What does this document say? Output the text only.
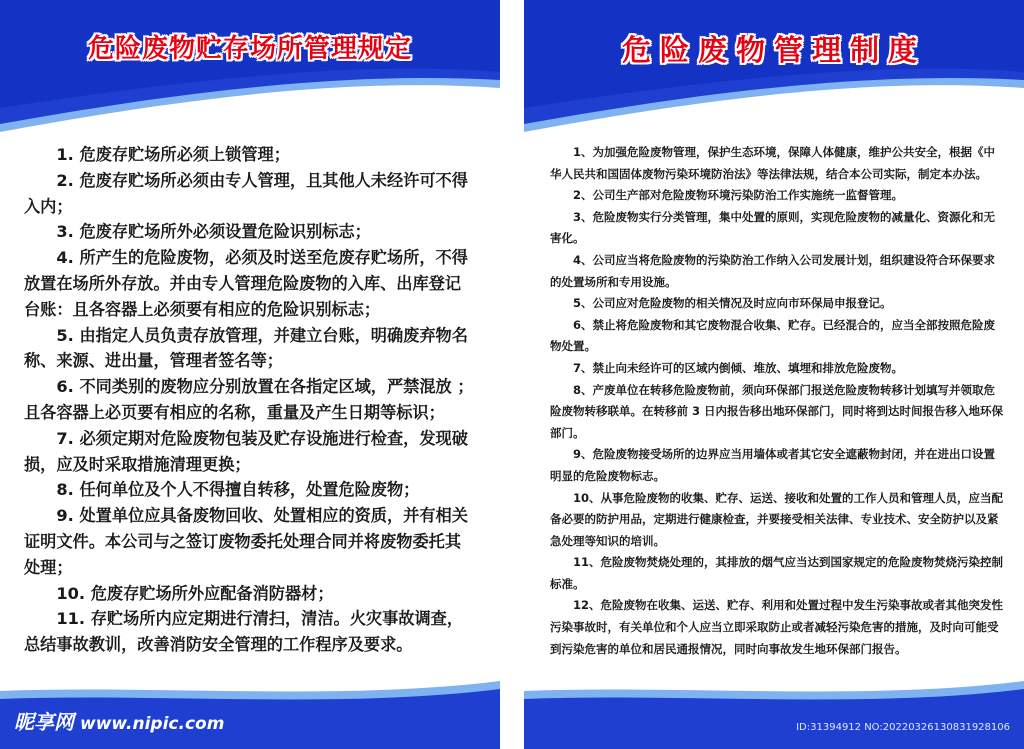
危险废物贮存场所管理规定

1. 危废存贮场所必须上锁管理；

2. 危废存贮场所必须由专人管理，且其他人未经许可不得入内；

3. 危废存贮场所外必须设置危险识别标志；

4. 所产生的危险废物，必须及时送至危废存贮场所，不得放置在场所外存放。并由专人管理危险废物的入库、出库登记台账：且各容器上必须要有相应的危险识别标志；

5. 由指定人员负责存放管理，并建立台账，明确废弃物名称、来源、进出量，管理者签名等；

6. 不同类别的废物应分别放置在各指定区域，严禁混放 ；且各容器上必页要有相应的名称，重量及产生日期等标识；

7. 必须定期对危险废物包装及贮存设施进行检查，发现破损，应及时采取措施清理更换；

8. 任何单位及个人不得擅自转移，处置危险废物；

9. 处置单位应具备废物回收、处置相应的资质，并有相关证明文件。本公司与之签订废物委托处理合同并将废物委托其处理；

10. 危废存贮场所外应配备消防器材；

11. 存贮场所内应定期进行清扫，清洁。火灾事故调查，总结事故教训，改善消防安全管理的工作程序及要求。

昵享网 www.nipic.com
危险废物管理制度

1、为加强危险废物管理，保护生态环境，保障人体健康，维护公共安全，根据《中华人民共和国固体废物污染环境防治法》等法律法规，结合本公司实际，制定本办法。

2、公司生产部对危险废物环境污染防治工作实施统一监督管理。

3、危险废物实行分类管理，集中处置的原则，实现危险废物的减量化、资源化和无害化。

4、公司应当将危险废物的污染防治工作纳入公司发展计划，组织建设符合环保要求的处置场所和专用设施。

5、公司应对危险废物的相关情况及时应向市环保局申报登记。

6、禁止将危险废物和其它废物混合收集、贮存。已经混合的，应当全部按照危险废物处置。

7、禁止向未经许可的区域内倒倾、堆放、填埋和排放危险废物。

8、产废单位在转移危险废物前，须向环保部门报送危险废物转移计划填写并领取危险废物转移联单。在转移前 3 日内报告移出地环保部门，同时将到达时间报告移入地环保部门。

9、危险废物接受场所的边界应当用墙体或者其它安全遮蔽物封闭，并在进出口设置明显的危险废物标志。

10、从事危险废物的收集、贮存、运送、接收和处置的工作人员和管理人员，应当配备必要的防护用品，定期进行健康检查，并要接受相关法律、专业技术、安全防护以及紧急处理等知识的培训。

11、危险废物焚烧处理的，其排放的烟气应当达到国家规定的危险废物焚烧污染控制标准。

12、危险废物在收集、运送、贮存、利用和处置过程中发生污染事故或者其他突发性污染事故时，有关单位和个人应当立即采取防止或者减轻污染危害的措施，及时向可能受到污染危害的单位和居民通报情况，同时向事故发生地环保部门报告。

ID:31394912 NO:20220326130831928106
